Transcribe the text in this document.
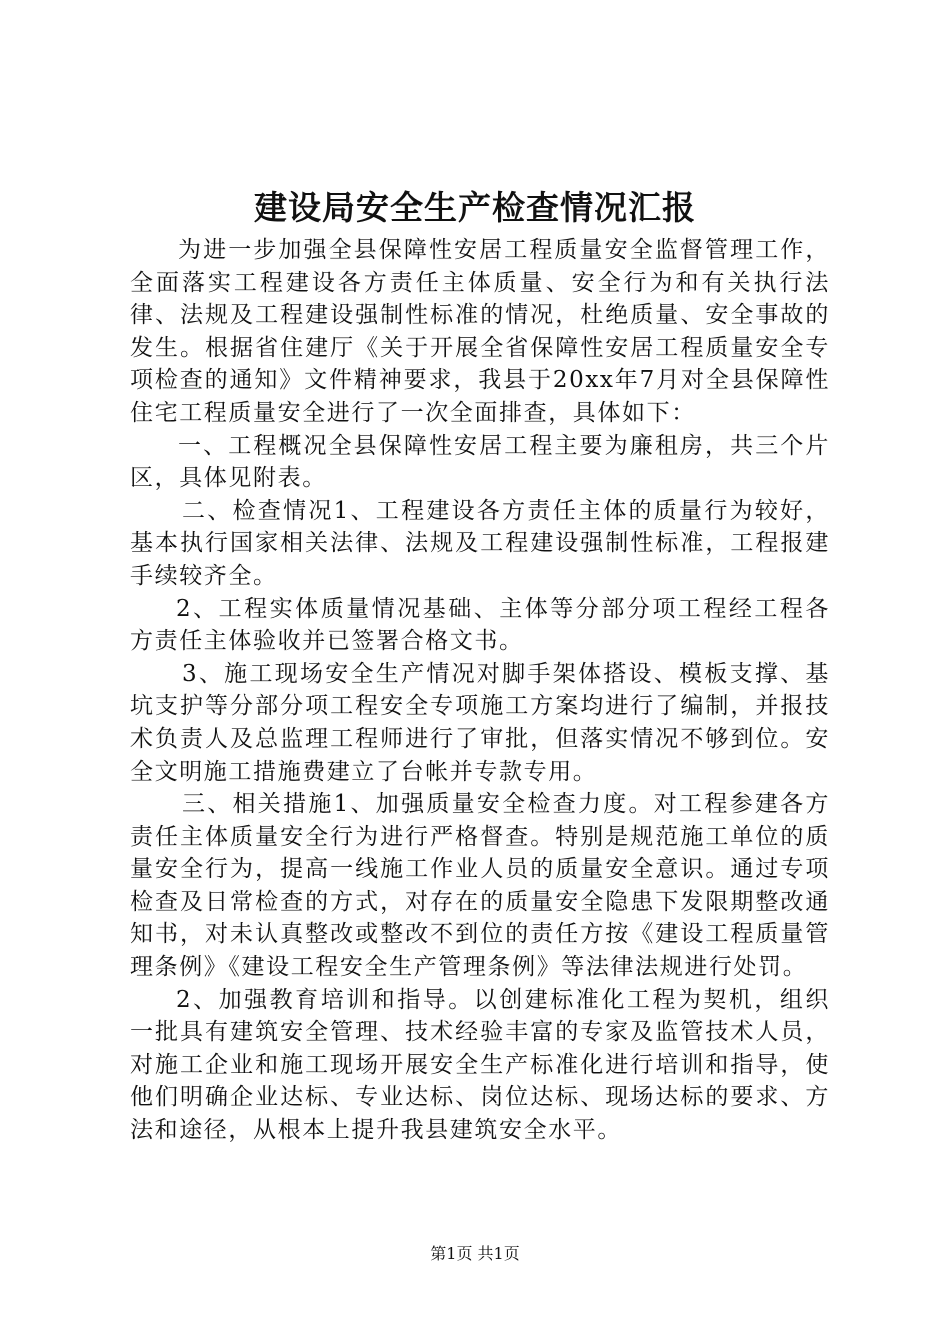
建设局安全生产检查情况汇报

为进一步加强全县保障性安居工程质量安全监督管理工作，全面落实工程建设各方责任主体质量、安全行为和有关执行法律、法规及工程建设强制性标准的情况，杜绝质量、安全事故的发生。根据省住建厅《关于开展全省保障性安居工程质量安全专项检查的通知》文件精神要求，我县于20xx年7月对全县保障性住宅工程质量安全进行了一次全面排查，具体如下：

一、工程概况全县保障性安居工程主要为廉租房，共三个片区，具体见附表。

二、检查情况1、工程建设各方责任主体的质量行为较好，基本执行国家相关法律、法规及工程建设强制性标准，工程报建手续较齐全。

2、工程实体质量情况基础、主体等分部分项工程经工程各方责任主体验收并已签署合格文书。

3、施工现场安全生产情况对脚手架体搭设、模板支撑、基坑支护等分部分项工程安全专项施工方案均进行了编制，并报技术负责人及总监理工程师进行了审批，但落实情况不够到位。安全文明施工措施费建立了台帐并专款专用。

三、相关措施1、加强质量安全检查力度。对工程参建各方责任主体质量安全行为进行严格督查。特别是规范施工单位的质量安全行为，提高一线施工作业人员的质量安全意识。通过专项检查及日常检查的方式，对存在的质量安全隐患下发限期整改通知书，对未认真整改或整改不到位的责任方按《建设工程质量管理条例》《建设工程安全生产管理条例》等法律法规进行处罚。

2、加强教育培训和指导。以创建标准化工程为契机，组织一批具有建筑安全管理、技术经验丰富的专家及监管技术人员，对施工企业和施工现场开展安全生产标准化进行培训和指导，使他们明确企业达标、专业达标、岗位达标、现场达标的要求、方法和途径，从根本上提升我县建筑安全水平。

第1页 共1页
